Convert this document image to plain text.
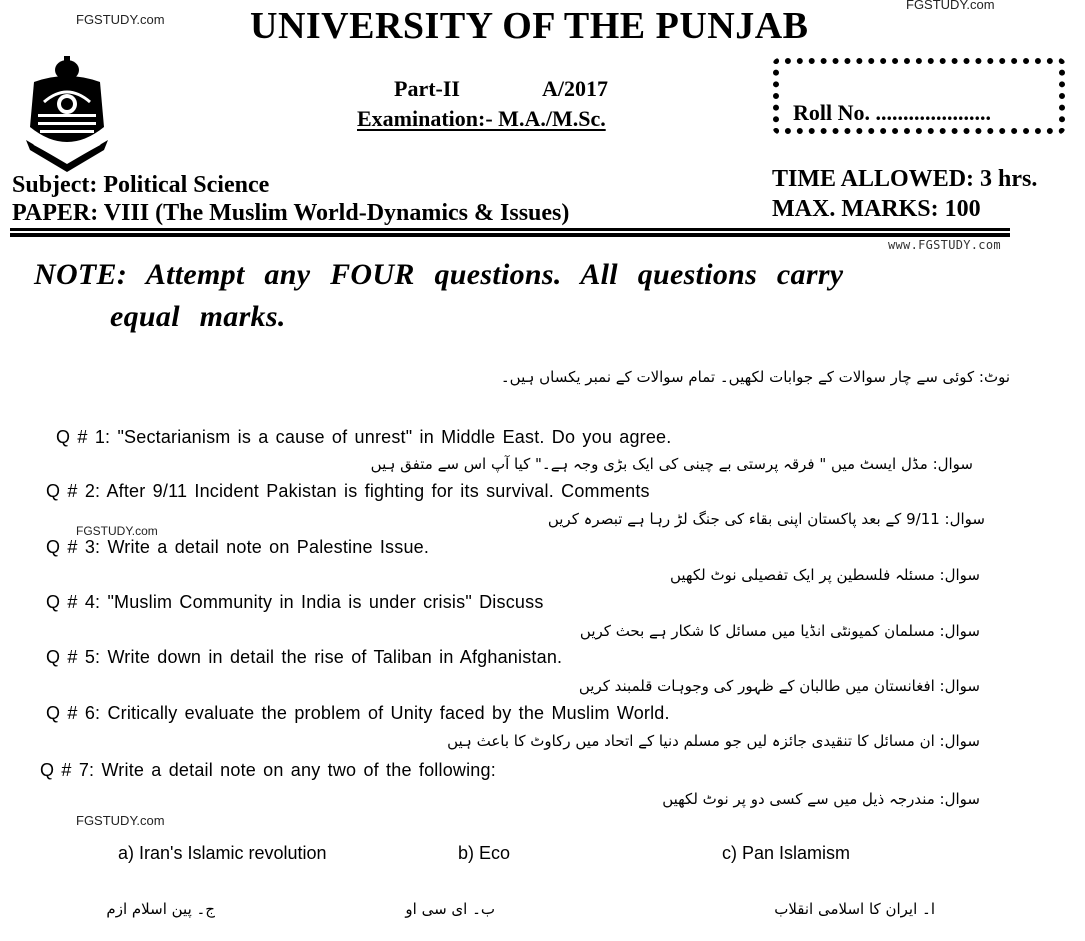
FGSTUDY.com
FGSTUDY.com
www.FGSTUDY.com
FGSTUDY.com
FGSTUDY.com
UNIVERSITY OF THE PUNJAB
Part-II	A/2017
Examination:- M.A./M.Sc.	Roll No. .....................
Subject: Political Science
PAPER: VIII (The Muslim World-Dynamics & Issues)
TIME ALLOWED: 3 hrs.
MAX. MARKS: 100
NOTE: Attempt any FOUR questions. All questions carry
equal marks.
نوٹ: کوئی سے چار سوالات کے جوابات لکھیں۔ تمام سوالات کے نمبر یکساں ہیں۔
Q # 1: "Sectarianism is a cause of unrest" in Middle East. Do you agree.
سوال: مڈل ایسٹ میں " فرقہ پرستی بے چینی کی ایک بڑی وجہ ہے۔" کیا آپ اس سے متفق ہیں
Q # 2: After 9/11 Incident Pakistan is fighting for its survival. Comments
سوال: 9/11 کے بعد پاکستان اپنی بقاء کی جنگ لڑ رہا ہے تبصرہ کریں
Q # 3: Write a detail note on Palestine Issue.
سوال: مسئلہ فلسطین پر ایک تفصیلی نوٹ لکھیں
Q # 4: "Muslim Community in India is under crisis" Discuss
سوال: مسلمان کمیونٹی انڈیا میں مسائل کا شکار ہے بحث کریں
Q # 5: Write down in detail the rise of Taliban in Afghanistan.
سوال: افغانستان میں طالبان کے ظہور کی وجوہات قلمبند کریں
Q # 6: Critically evaluate the problem of Unity faced by the Muslim World.
سوال: ان مسائل کا تنقیدی جائزہ لیں جو مسلم دنیا کے اتحاد میں رکاوٹ کا باعث ہیں
Q # 7: Write a detail note on any two of the following:
سوال: مندرجہ ذیل میں سے کسی دو پر نوٹ لکھیں
a) Iran's Islamic revolution	b) Eco	c) Pan Islamism
ا۔ ایران کا اسلامی انقلاب
ب۔ ای سی او
ج۔ پین اسلام ازم
